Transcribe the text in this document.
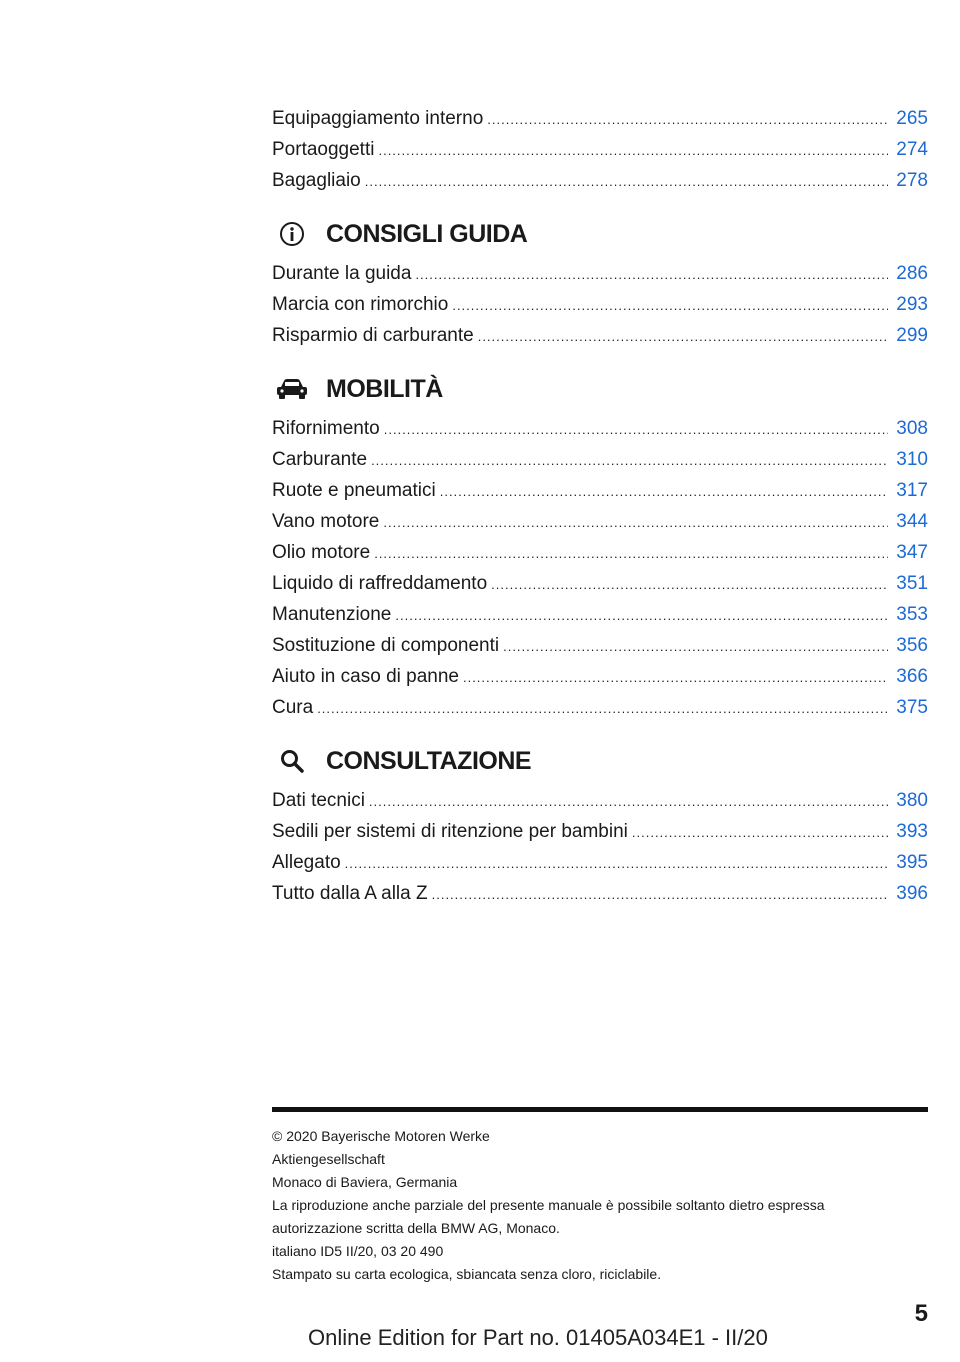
Equipaggiamento interno .....	265
Portaoggetti .....	274
Bagagliaio .....	278
CONSIGLI GUIDA
Durante la guida .....	286
Marcia con rimorchio .....	293
Risparmio di carburante .....	299
MOBILITÀ
Rifornimento .....	308
Carburante .....	310
Ruote e pneumatici .....	317
Vano motore .....	344
Olio motore .....	347
Liquido di raffreddamento .....	351
Manutenzione .....	353
Sostituzione di componenti .....	356
Aiuto in caso di panne .....	366
Cura .....	375
CONSULTAZIONE
Dati tecnici .....	380
Sedili per sistemi di ritenzione per bambini .....	393
Allegato .....	395
Tutto dalla A alla Z .....	396
© 2020 Bayerische Motoren Werke
Aktiengesellschaft
Monaco di Baviera, Germania
La riproduzione anche parziale del presente manuale è possibile soltanto dietro espressa
autorizzazione scritta della BMW AG, Monaco.
italiano ID5 II/20, 03 20 490
Stampato su carta ecologica, sbiancata senza cloro, riciclabile.
5
Online Edition for Part no. 01405A034E1 - II/20
